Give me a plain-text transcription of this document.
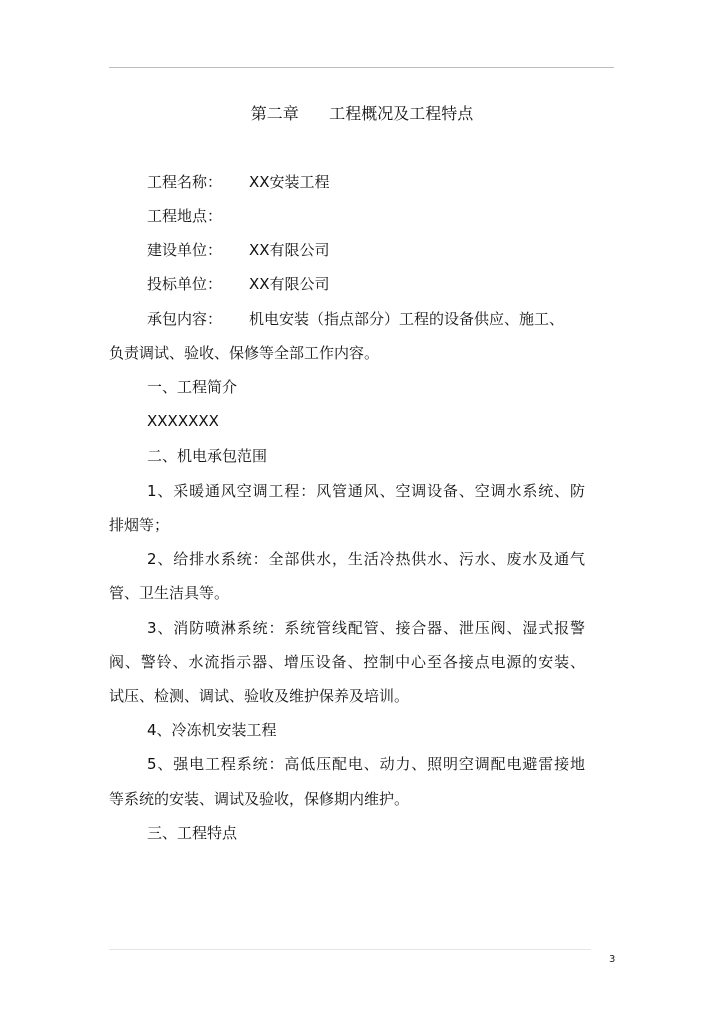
第二章      工程概况及工程特点
工程名称： XX安装工程
工程地点：
建设单位： XX有限公司
投标单位： XX有限公司
承包内容： 机电安装（指点部分）工程的设备供应、施工、
负责调试、验收、保修等全部工作内容。
一、工程简介
XXXXXXX
二、机电承包范围
1、采暖通风空调工程：风管通风、空调设备、空调水系统、防
排烟等；
2、给排水系统：全部供水，生活冷热供水、污水、废水及通气
管、卫生洁具等。
3、消防喷淋系统：系统管线配管、接合器、泄压阀、湿式报警
阀、警铃、水流指示器、增压设备、控制中心至各接点电源的安装、
试压、检测、调试、验收及维护保养及培训。
4、冷冻机安装工程
5、强电工程系统：高低压配电、动力、照明空调配电避雷接地
等系统的安装、调试及验收，保修期内维护。
三、工程特点
3
